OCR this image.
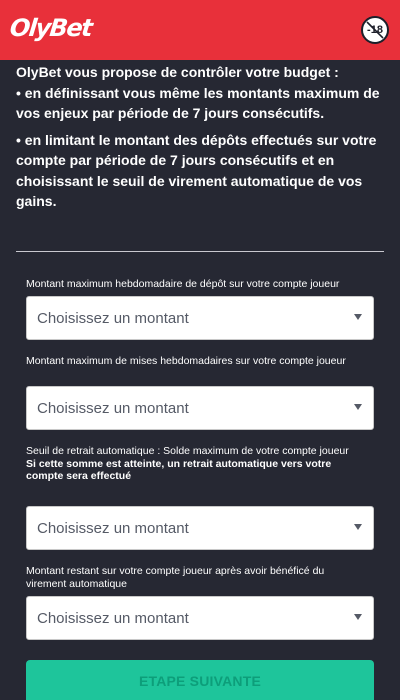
OlyBet	-18

OlyBet vous propose de contrôler votre budget :

• en définissant vous même les montants maximum de vos enjeux par période de 7 jours consécutifs.

• en limitant le montant des dépôts effectués sur votre compte par période de 7 jours consécutifs et en choisissant le seuil de virement automatique de vos gains.

Montant maximum hebdomadaire de dépôt sur votre compte joueur
Choisissez un montant
Montant maximum de mises hebdomadaires sur votre compte joueur
Choisissez un montant
Seuil de retrait automatique : Solde maximum de votre compte joueur
Si cette somme est atteinte, un retrait automatique vers votre compte sera effectué
Choisissez un montant
Montant restant sur votre compte joueur après avoir bénéficé du virement automatique
Choisissez un montant
ETAPE SUIVANTE
